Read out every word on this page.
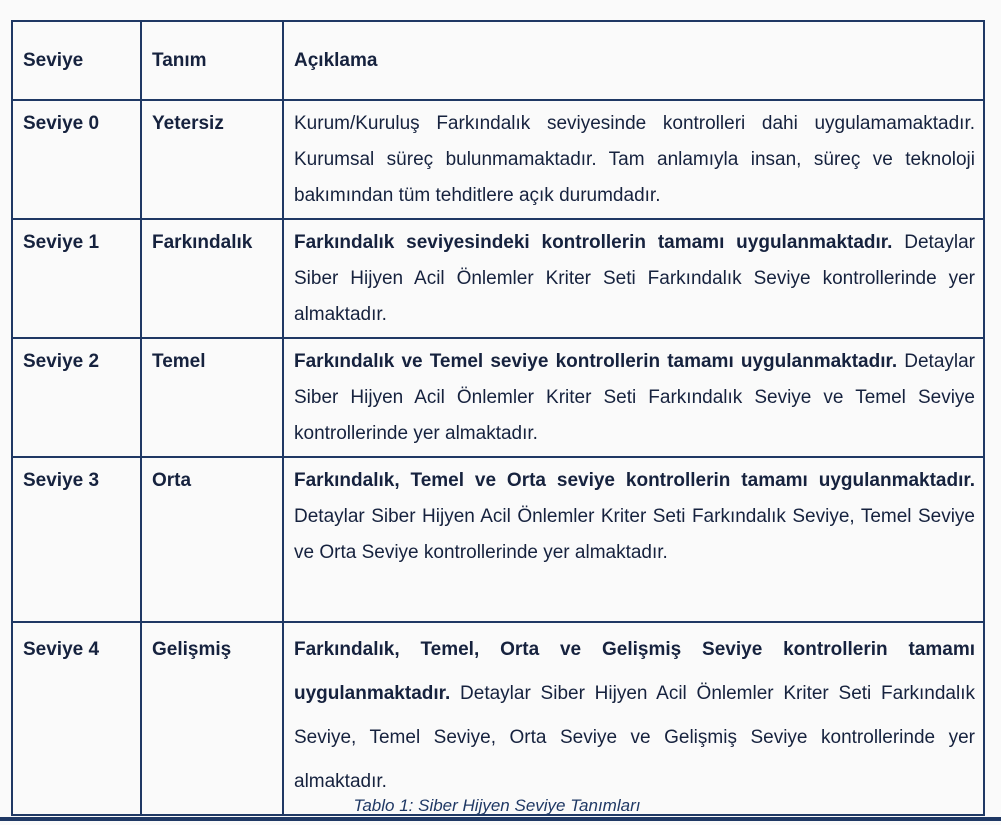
Seviye	Tanım	Açıklama
Seviye 0	Yetersiz	Kurum/Kuruluş Farkındalık seviyesinde kontrolleri dahi uygulamamaktadır. Kurumsal süreç bulunmamaktadır. Tam anlamıyla insan, süreç ve teknoloji bakımından tüm tehditlere açık durumdadır.
Seviye 1	Farkındalık	Farkındalık seviyesindeki kontrollerin tamamı uygulanmaktadır. Detaylar Siber Hijyen Acil Önlemler Kriter Seti Farkındalık Seviye kontrollerinde yer almaktadır.
Seviye 2	Temel	Farkındalık ve Temel seviye kontrollerin tamamı uygulanmaktadır. Detaylar Siber Hijyen Acil Önlemler Kriter Seti Farkındalık Seviye ve Temel Seviye kontrollerinde yer almaktadır.
Seviye 3	Orta	Farkındalık, Temel ve Orta seviye kontrollerin tamamı uygulanmaktadır. Detaylar Siber Hijyen Acil Önlemler Kriter Seti Farkındalık Seviye, Temel Seviye ve Orta Seviye kontrollerinde yer almaktadır.
Seviye 4	Gelişmiş	Farkındalık, Temel, Orta ve Gelişmiş Seviye kontrollerin tamamı uygulanmaktadır. Detaylar Siber Hijyen Acil Önlemler Kriter Seti Farkındalık Seviye, Temel Seviye, Orta Seviye ve Gelişmiş Seviye kontrollerinde yer almaktadır.
Tablo 1: Siber Hijyen Seviye Tanımları
